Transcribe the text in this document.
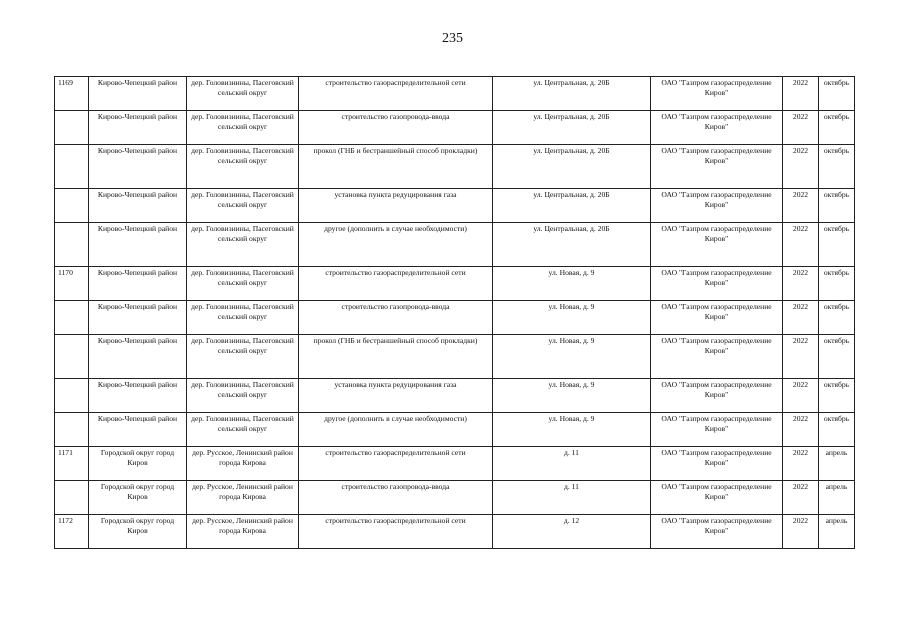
235
1169	Кирово-Чепецкий район	дер. Головизнины, Пасеговский сельский округ	строительство газораспределительной сети	ул. Центральная, д. 20Б	ОАО "Газпром газораспределение Киров"	2022	октябрь
	Кирово-Чепецкий район	дер. Головизнины, Пасеговский сельский округ	строительство газопровода-ввода	ул. Центральная, д. 20Б	ОАО "Газпром газораспределение Киров"	2022	октябрь
	Кирово-Чепецкий район	дер. Головизнины, Пасеговский сельский округ	прокол (ГНБ и бестраншейный способ прокладки)	ул. Центральная, д. 20Б	ОАО "Газпром газораспределение Киров"	2022	октябрь
	Кирово-Чепецкий район	дер. Головизнины, Пасеговский сельский округ	установка пункта редуцирования газа	ул. Центральная, д. 20Б	ОАО "Газпром газораспределение Киров"	2022	октябрь
	Кирово-Чепецкий район	дер. Головизнины, Пасеговский сельский округ	другое (дополнить в случае необходимости)	ул. Центральная, д. 20Б	ОАО "Газпром газораспределение Киров"	2022	октябрь
1170	Кирово-Чепецкий район	дер. Головизнины, Пасеговский сельский округ	строительство газораспределительной сети	ул. Новая, д. 9	ОАО "Газпром газораспределение Киров"	2022	октябрь
	Кирово-Чепецкий район	дер. Головизнины, Пасеговский сельский округ	строительство газопровода-ввода	ул. Новая, д. 9	ОАО "Газпром газораспределение Киров"	2022	октябрь
	Кирово-Чепецкий район	дер. Головизнины, Пасеговский сельский округ	прокол (ГНБ и бестраншейный способ прокладки)	ул. Новая, д. 9	ОАО "Газпром газораспределение Киров"	2022	октябрь
	Кирово-Чепецкий район	дер. Головизнины, Пасеговский сельский округ	установка пункта редуцирования газа	ул. Новая, д. 9	ОАО "Газпром газораспределение Киров"	2022	октябрь
	Кирово-Чепецкий район	дер. Головизнины, Пасеговский сельский округ	другое (дополнить в случае необходимости)	ул. Новая, д. 9	ОАО "Газпром газораспределение Киров"	2022	октябрь
1171	Городской округ город Киров	дер. Русское, Ленинский район города Кирова	строительство газораспределительной сети	д. 11	ОАО "Газпром газораспределение Киров"	2022	апрель
	Городской округ город Киров	дер. Русское, Ленинский район города Кирова	строительство газопровода-ввода	д. 11	ОАО "Газпром газораспределение Киров"	2022	апрель
1172	Городской округ город Киров	дер. Русское, Ленинский район города Кирова	строительство газораспределительной сети	д. 12	ОАО "Газпром газораспределение Киров"	2022	апрель
